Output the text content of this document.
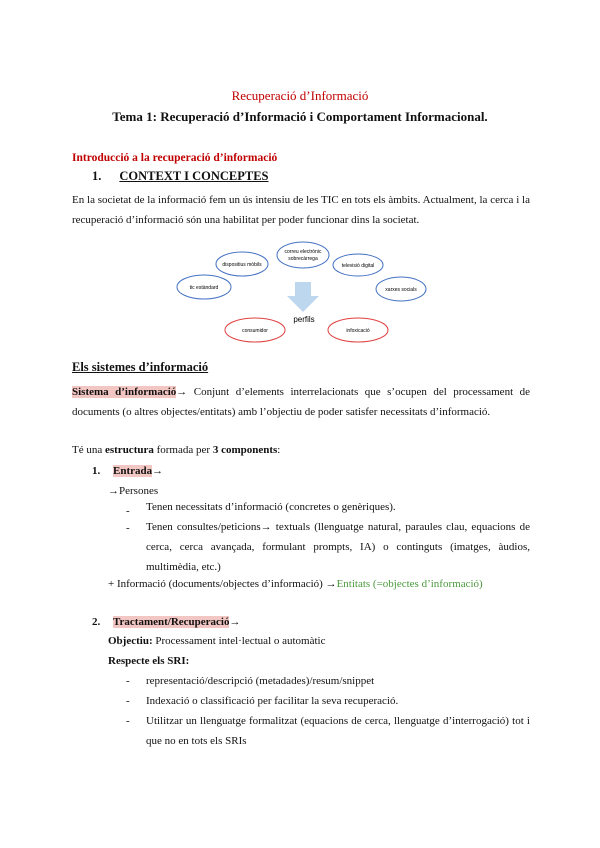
Recuperació d’Informació
Tema 1: Recuperació d’Informació i Comportament Informacional.
Introducció a la recuperació d’informació
1. CONTEXT I CONCEPTES
En la societat de la informació fem un ús intensiu de les TIC en tots els àmbits. Actualment, la cerca i la recuperació d’informació són una habilitat per poder funcionar dins la societat.
correu electrònic
dispositius mòbils	televisió digital
tic estàndard	xarxes socials
perfils
consumidor	infoxicació
sobrecàrrega
Els sistemes d’informació
Sistema d’informació→ Conjunt d’elements interrelacionats que s’ocupen del processament de documents (o altres objectes/entitats) amb l’objectiu de poder satisfer necessitats d’informació.
Té una estructura formada per 3 components:
1. Entrada→
→Persones
- Tenen necessitats d’informació (concretes o genèriques).
- Tenen consultes/peticions→ textuals (llenguatge natural, paraules clau, equacions de cerca, cerca avançada, formulant prompts, IA) o continguts (imatges, àudios, multimèdia, etc.)
+ Informació (documents/objectes d’informació) →Entitats (=objectes d’informació)
2. Tractament/Recuperació→
Objectiu: Processament intel·lectual o automàtic
Respecte els SRI:
- representació/descripció (metadades)/resum/snippet
- Indexació o classificació per facilitar la seva recuperació.
- Utilitzar un llenguatge formalitzat (equacions de cerca, llenguatge d’interrogació) tot i que no en tots els SRIs
